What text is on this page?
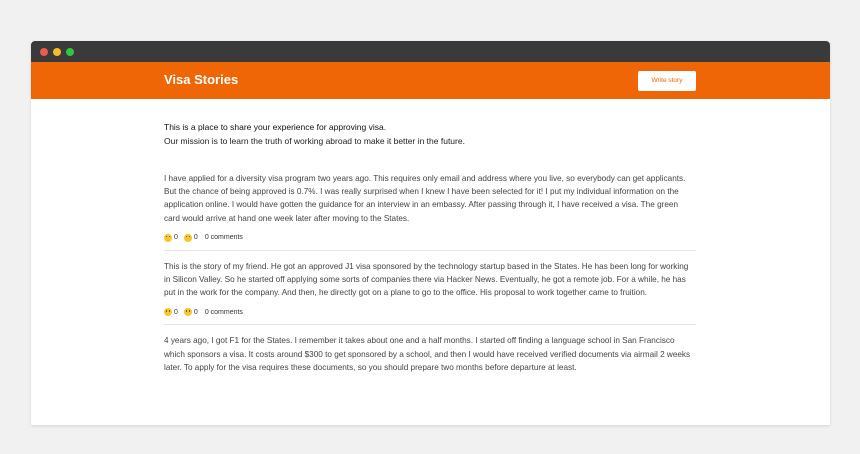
Visa Stories	Write story
This is a place to share your experience for approving visa.
Our mission is to learn the truth of working abroad to make it better in the future.

I have applied for a diversity visa program two years ago. This requires only email and address where you live, so everybody can get applicants. But the chance of being approved is 0.7%. I was really surprised when I knew I have been selected for it! I put my individual information on the application online. I would have gotten the guidance for an interview in an embassy. After passing through it, I have received a visa. The green card would arrive at hand one week later after moving to the States.

0 0 0 comments

This is the story of my friend. He got an approved J1 visa sponsored by the technology startup based in the States. He has been long for working in Silicon Valley. So he started off applying some sorts of companies there via Hacker News. Eventually, he got a remote job. For a while, he has put in the work for the company. And then, he directly got on a plane to go to the office. His proposal to work together came to fruition.

0 0 0 comments

4 years ago, I got F1 for the States. I remember it takes about one and a half months. I started off finding a language school in San Francisco which sponsors a visa. It costs around $300 to get sponsored by a school, and then I would have received verified documents via airmail 2 weeks later. To apply for the visa requires these documents, so you should prepare two months before departure at least.
